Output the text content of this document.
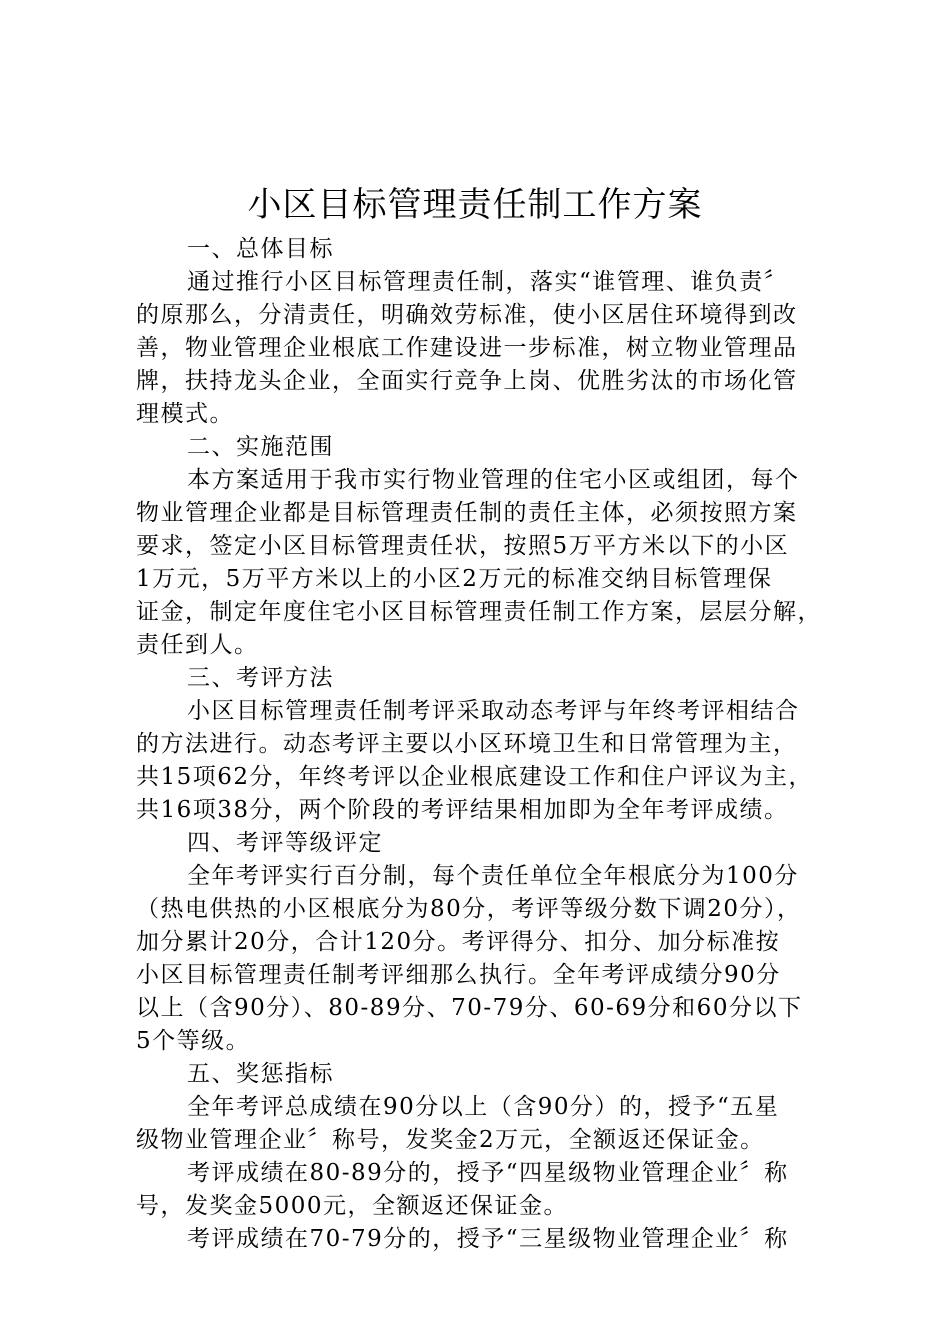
小区目标管理责任制工作方案

一、总体目标

通过推行小区目标管理责任制，落实“谁管理、谁负责〞

的原那么，分清责任，明确效劳标准，使小区居住环境得到改

善，物业管理企业根底工作建设进一步标准，树立物业管理品

牌，扶持龙头企业，全面实行竞争上岗、优胜劣汰的市场化管

理模式。

二、实施范围

本方案适用于我市实行物业管理的住宅小区或组团，每个

物业管理企业都是目标管理责任制的责任主体，必须按照方案

要求，签定小区目标管理责任状，按照5万平方米以下的小区

1万元，5万平方米以上的小区2万元的标准交纳目标管理保

证金，制定年度住宅小区目标管理责任制工作方案，层层分解，

责任到人。

三、考评方法

小区目标管理责任制考评采取动态考评与年终考评相结合

的方法进行。动态考评主要以小区环境卫生和日常管理为主，

共15项62分，年终考评以企业根底建设工作和住户评议为主，

共16项38分，两个阶段的考评结果相加即为全年考评成绩。

四、考评等级评定

全年考评实行百分制，每个责任单位全年根底分为100分

（热电供热的小区根底分为80分，考评等级分数下调20分），

加分累计20分，合计120分。考评得分、扣分、加分标准按

小区目标管理责任制考评细那么执行。全年考评成绩分90分

以上（含90分）、80-89分、70-79分、60-69分和60分以下

5个等级。

五、奖惩指标

全年考评总成绩在90分以上（含90分）的，授予“五星

级物业管理企业〞称号，发奖金2万元，全额返还保证金。

考评成绩在80-89分的，授予“四星级物业管理企业〞称

号，发奖金5000元，全额返还保证金。

考评成绩在70-79分的，授予“三星级物业管理企业〞称
